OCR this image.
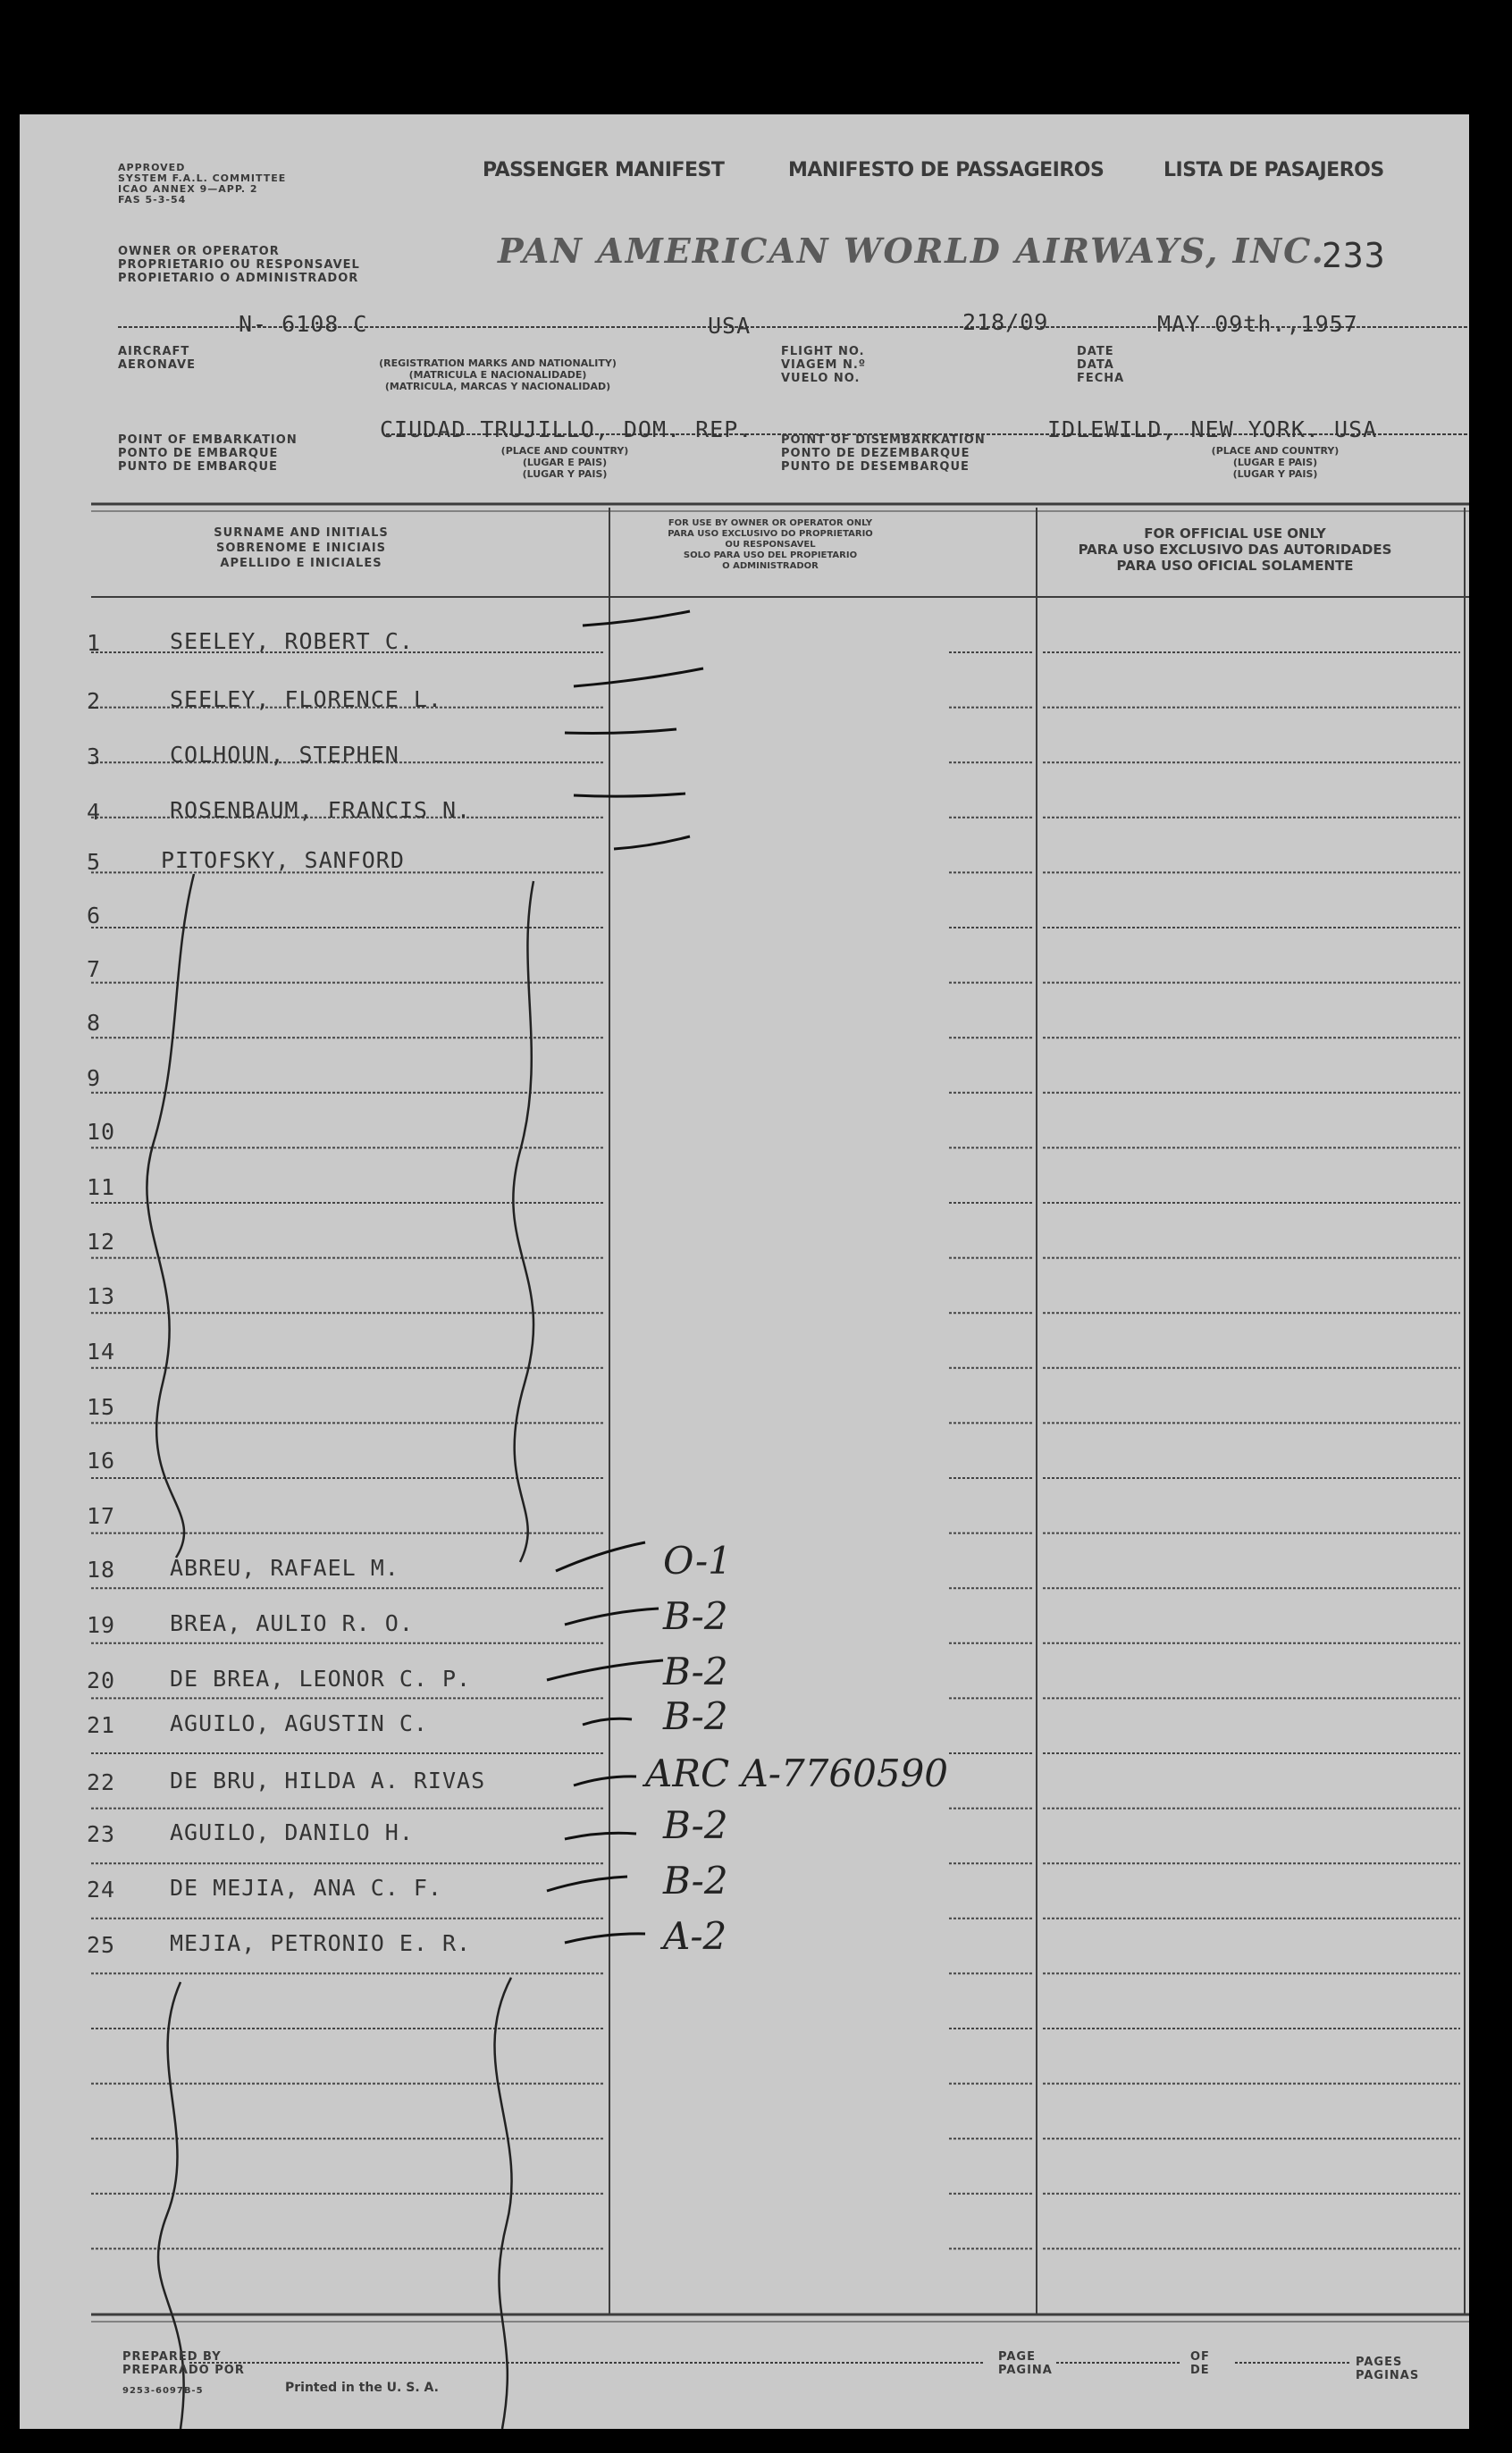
APPROVED
SYSTEM F.A.L. COMMITTEE
ICAO ANNEX 9—APP. 2
FAS 5-3-54
PASSENGER MANIFEST	MANIFESTO DE PASSAGEIROS	LISTA DE PASAJEROS
OWNER OR OPERATOR
PROPRIETARIO OU RESPONSAVEL
PROPIETARIO O ADMINISTRADOR
PAN AMERICAN WORLD AIRWAYS, INC.
233
N- 6108 C	USA	218/09	MAY 09th.,1957
AIRCRAFT
AERONAVE	(REGISTRATION MARKS AND NATIONALITY)
(MATRICULA E NACIONALIDADE)
(MATRICULA, MARCAS Y NACIONALIDAD)
FLIGHT NO.
VIAGEM N.º
VUELO NO.
DATE
DATA
FECHA
POINT OF EMBARKATION
PONTO DE EMBARQUE
PUNTO DE EMBARQUE
CIUDAD TRUJILLO, DOM. REP.
(PLACE AND COUNTRY)
(LUGAR E PAIS)
(LUGAR Y PAIS)
POINT OF DISEMBARKATION
PONTO DE DEZEMBARQUE
PUNTO DE DESEMBARQUE
IDLEWILD, NEW YORK. USA
(PLACE AND COUNTRY)
(LUGAR E PAIS)
(LUGAR Y PAIS)
SURNAME AND INITIALS
SOBRENOME E INICIAIS
APELLIDO E INICIALES
FOR USE BY OWNER OR OPERATOR ONLY
PARA USO EXCLUSIVO DO PROPRIETARIO
OU RESPONSAVEL
SOLO PARA USO DEL PROPIETARIO
O ADMINISTRADOR
FOR OFFICIAL USE ONLY
PARA USO EXCLUSIVO DAS AUTORIDADES
PARA USO OFICIAL SOLAMENTE
1	SEELEY, ROBERT C.
2	SEELEY, FLORENCE L.
3	COLHOUN, STEPHEN
4	ROSENBAUM, FRANCIS N.
5	PITOFSKY, SANFORD
6
7
8
9
10
11
12
13
14
15
16
17
18	ABREU, RAFAEL M.	O-1
19	BREA, AULIO R. O.	B-2
20	DE BREA, LEONOR C. P.	B-2
21	AGUILO, AGUSTIN C.	B-2
22	DE BRU, HILDA A. RIVAS	ARC A-7760590
23	AGUILO, DANILO H.	B-2
24	DE MEJIA, ANA C. F.	B-2
25	MEJIA, PETRONIO E. R.	A-2
PREPARED BY
PREPARADO POR
9253-6097B-5	Printed in the U. S. A.
PAGE
PAGINA
OF
DE
PAGES
PAGINAS
